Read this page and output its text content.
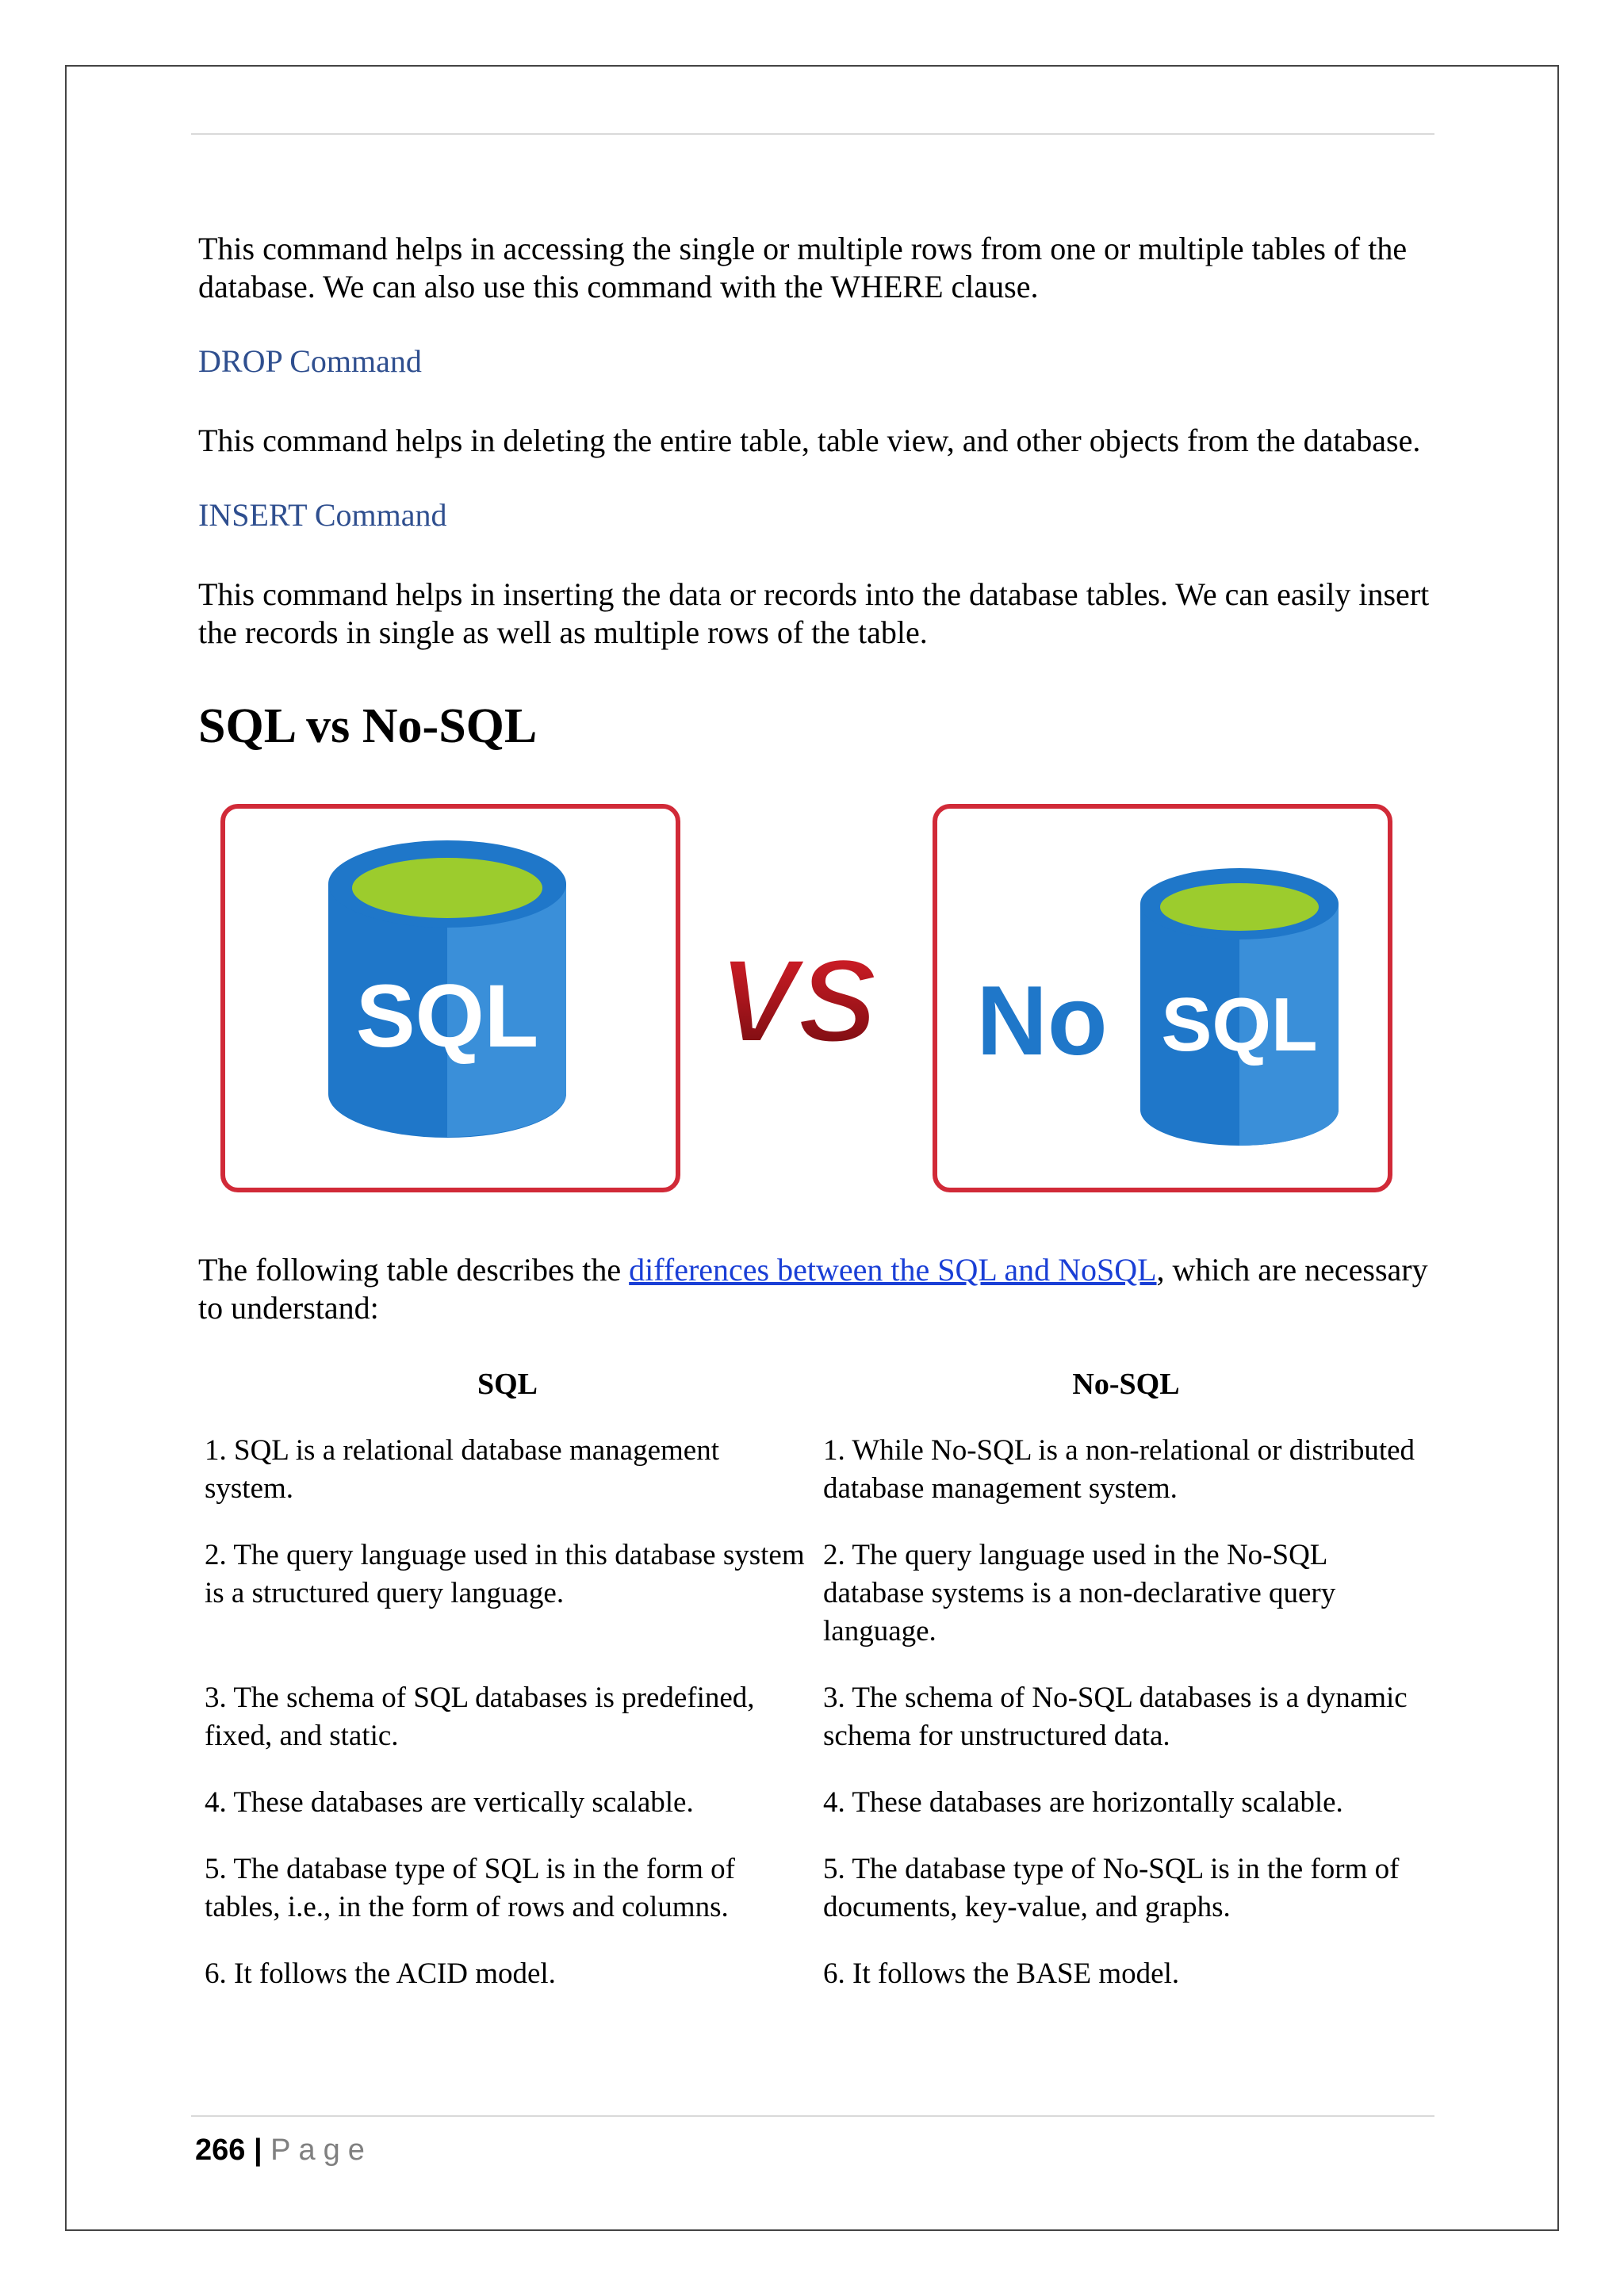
This command helps in accessing the single or multiple rows from one or multiple tables of the database. We can also use this command with the WHERE clause.

DROP Command

This command helps in deleting the entire table, table view, and other objects from the database.

INSERT Command

This command helps in inserting the data or records into the database tables. We can easily insert the records in single as well as multiple rows of the table.

SQL vs No-SQL
SQL VS No SQL

The following table describes the differences between the SQL and NoSQL, which are necessary to understand:

SQL	No-SQL
1. SQL is a relational database management system.	1. While No-SQL is a non-relational or distributed database management system.
2. The query language used in this database system is a structured query language.	2. The query language used in the No-SQL database systems is a non-declarative query language.
3. The schema of SQL databases is predefined, fixed, and static.	3. The schema of No-SQL databases is a dynamic schema for unstructured data.
4. These databases are vertically scalable.	4. These databases are horizontally scalable.
5. The database type of SQL is in the form of tables, i.e., in the form of rows and columns.	5. The database type of No-SQL is in the form of documents, key-value, and graphs.
6. It follows the ACID model.	6. It follows the BASE model.
266 | Page
